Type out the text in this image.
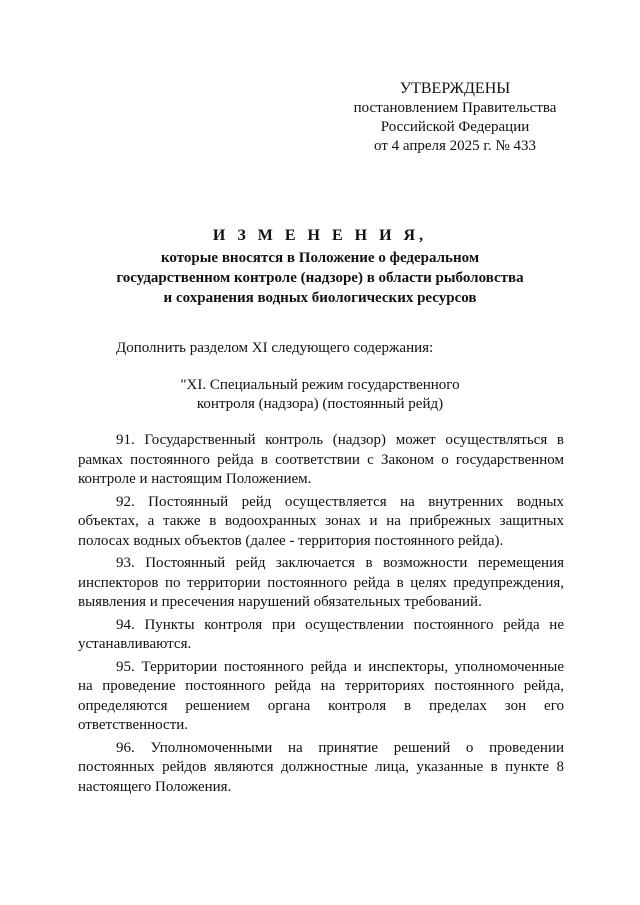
УТВЕРЖДЕНЫ
постановлением Правительства
Российской Федерации
от 4 апреля 2025 г. № 433
И З М Е Н Е Н И Я,
которые вносятся в Положение о федеральном
государственном контроле (надзоре) в области рыболовства
и сохранения водных биологических ресурсов
Дополнить разделом XI следующего содержания:
"XI. Специальный режим государственного
контроля (надзора) (постоянный рейд)

91. Государственный контроль (надзор) может осуществляться в рамках постоянного рейда в соответствии с Законом о государственном контроле и настоящим Положением.

92. Постоянный рейд осуществляется на внутренних водных объектах, а также в водоохранных зонах и на прибрежных защитных полосах водных объектов (далее - территория постоянного рейда).

93. Постоянный рейд заключается в возможности перемещения инспекторов по территории постоянного рейда в целях предупреждения, выявления и пресечения нарушений обязательных требований.

94. Пункты контроля при осуществлении постоянного рейда не устанавливаются.

95. Территории постоянного рейда и инспекторы, уполномоченные на проведение постоянного рейда на территориях постоянного рейда, определяются решением органа контроля в пределах зон его ответственности.

96. Уполномоченными на принятие решений о проведении постоянных рейдов являются должностные лица, указанные в пункте 8 настоящего Положения.
